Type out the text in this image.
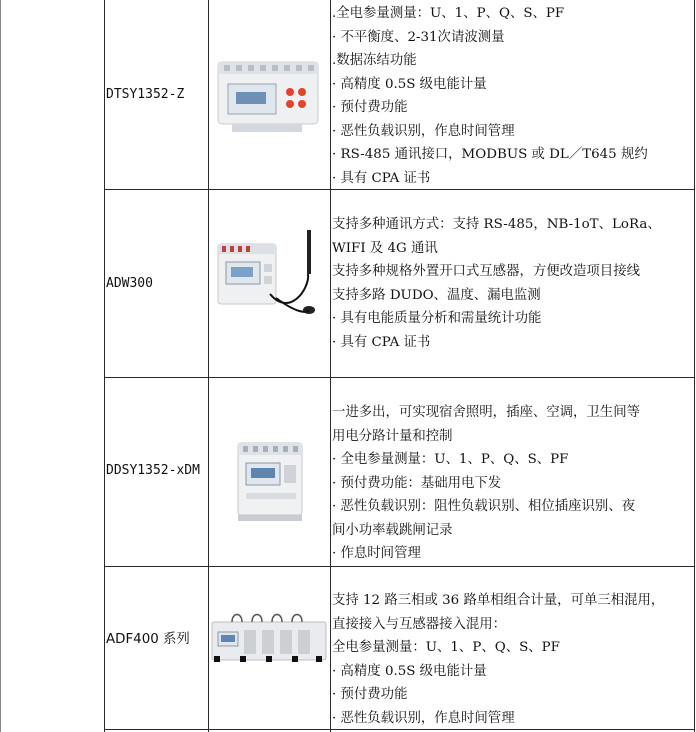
DTSY1352-Z
.全电参量测量：U、1、P、Q、S、PF
· 不平衡度、2-31次请波测量
.数据冻结功能
· 高精度 0.5S 级电能计量
· 预付费功能
· 恶性负载识别，作息时间管理
· RS-485 通讯接口，MODBUS 或 DL／T645 规约
· 具有 CPA 证书
ADW300
支持多种通讯方式：支持 RS-485，NB-1oT、LoRa、
WIFI 及 4G 通讯
支持多种规格外置开口式互感器，方便改造项目接线
支持多路 DUDO、温度、漏电监测
· 具有电能质量分析和需量统计功能
· 具有 CPA 证书
DDSY1352-xDM
一进多出，可实现宿舍照明，插座、空调，卫生间等
用电分路计量和控制
· 全电参量测量：U、1、P、Q、S、PF
· 预付费功能：基础用电下发
· 恶性负载识别：阻性负载识别、相位插座识别、夜
间小功率载跳闸记录
· 作息时间管理
ADF400 系列
支持 12 路三相或 36 路单相组合计量，可单三相混用，
直接接入与互感器接入混用：
全电参量测量：U、1、P、Q、S、PF
· 高精度 0.5S 级电能计量
· 预付费功能
· 恶性负载识别，作息时间管理
